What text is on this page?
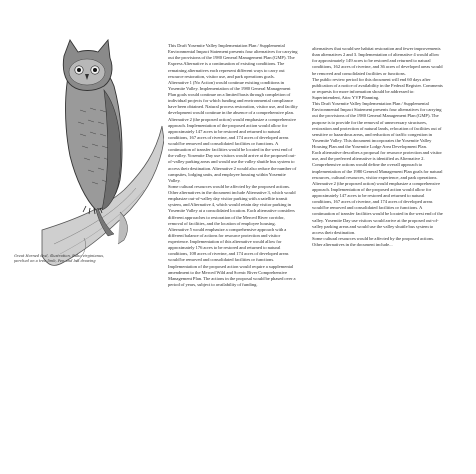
Great Horned Owl, illustration, Bubo virginianus, perched on a tree limb, Pen and Ink drawing

This Draft Yosemite Valley Implementation Plan / Supplemental Environmental Impact Statement presents four alternatives for carrying out the provisions of the 1980 General Management Plan (GMP). The Express Alternative is a continuation of existing conditions. The remaining alternatives each represent different ways to carry out resource restoration, visitor use, and park operations goals.

Alternative 1 (No Action) would continue existing conditions in Yosemite Valley. Implementation of the 1980 General Management Plan goals would continue on a limited basis through completion of individual projects for which funding and environmental compliance have been obtained. Natural process restoration, visitor use, and facility development would continue in the absence of a comprehensive plan.

Alternative 2 (the proposed action) would emphasize a comprehensive approach. Implementation of the proposed action would allow for approximately 147 acres to be restored and returned to natural conditions, 167 acres of riverine, and 174 acres of developed areas would be removed and consolidated facilities or functions. A continuation of transfer facilities would be located in the west end of the valley. Yosemite Day use visitors would arrive at the proposed out-of-valley parking areas and would use the valley shuttle bus system to access their destination. Alternative 2 would also reduce the number of campsites, lodging units, and employee housing within Yosemite Valley.

Some cultural resources would be affected by the proposed actions.

Other alternatives in the document include Alternative 3, which would emphasize out-of-valley day visitor parking with a satellite transit system, and Alternative 4, which would retain day visitor parking in Yosemite Valley at a consolidated location. Each alternative considers different approaches to restoration of the Merced River corridor, removal of facilities, and the location of employee housing.

Alternative 5 would emphasize a comprehensive approach with a different balance of actions for resource protection and visitor experience. Implementation of this alternative would allow for approximately 176 acres to be restored and returned to natural conditions, 108 acres of riverine, and 174 acres of developed areas would be removed and consolidated facilities or functions.

Implementation of the proposed action would require a supplemental amendment to the Merced Wild and Scenic River Comprehensive Management Plan. The actions in the proposal would be phased over a period of years, subject to availability of funding.

alternatives that would see habitat restoration and fewer improvements than alternatives 2 and 3. Implementation of alternative 4 would allow for approximately 149 acres to be restored and returned to natural conditions, 162 acres of riverine, and 36 acres of developed areas would be removed and consolidated facilities or functions.

The public review period for this document will end 60 days after publication of a notice of availability in the Federal Register. Comments or requests for more information should be addressed to: Superintendent, Attn: YVP Planning.

This Draft Yosemite Valley Implementation Plan / Supplemental Environmental Impact Statement presents four alternatives for carrying out the provisions of the 1980 General Management Plan (GMP). The purpose is to provide for the removal of unnecessary structures, restoration and protection of natural lands, relocation of facilities out of sensitive or hazardous areas, and reduction of traffic congestion in Yosemite Valley. This document incorporates the Yosemite Valley Housing Plan and the Yosemite Lodge Area Development Plan.

Each alternative describes a proposal for resource protection and visitor use, and the preferred alternative is identified as Alternative 2. Comprehensive actions would define the overall approach to implementation of the 1980 General Management Plan goals for natural resources, cultural resources, visitor experience, and park operations.

Alternative 2 (the proposed action) would emphasize a comprehensive approach. Implementation of the proposed action would allow for approximately 147 acres to be restored and returned to natural conditions, 167 acres of riverine, and 174 acres of developed areas would be removed and consolidated facilities or functions. A continuation of transfer facilities would be located in the west end of the valley. Yosemite Day use visitors would arrive at the proposed out-of-valley parking areas and would use the valley shuttle bus system to access their destination.

Some cultural resources would be affected by the proposed actions.

Other alternatives in the document include...
